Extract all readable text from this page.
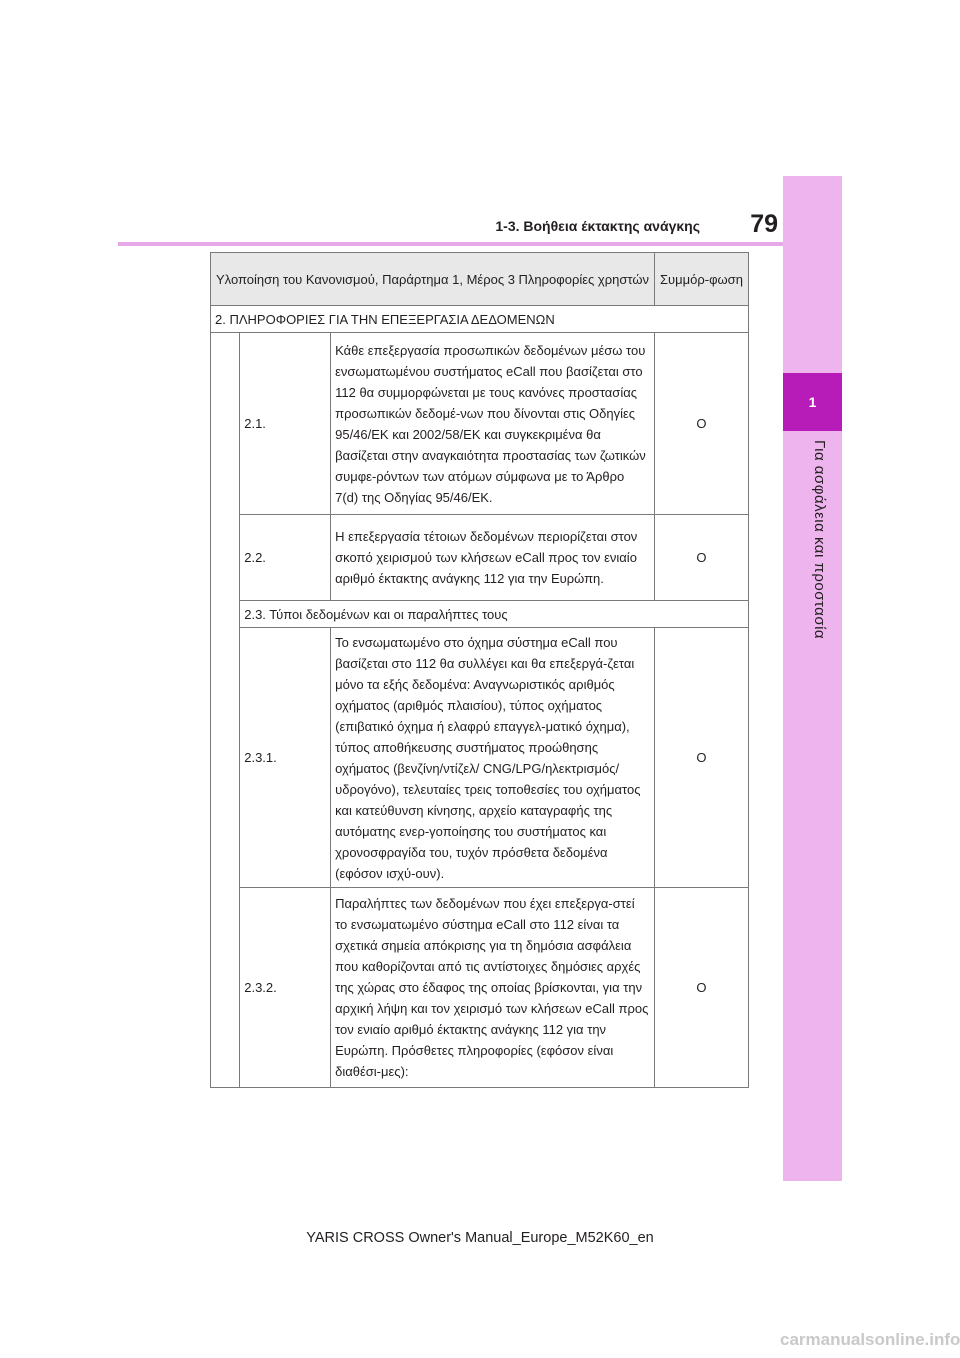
1-3. Βοήθεια έκτακτης ανάγκης	79
1
Για ασφάλεια και προστασία
Υλοποίηση του Κανονισμού, Παράρτημα 1, Μέρος 3 Πληροφορίες χρηστών			Συμμόρ-φωση
2. ΠΛΗΡΟΦΟΡΙΕΣ ΓΙΑ ΤΗΝ ΕΠΕΞΕΡΓΑΣΙΑ ΔΕΔΟΜΕΝΩΝ			
	2.1.	Κάθε επεξεργασία προσωπικών δεδομένων μέσω του ενσωματωμένου συστήματος eCall που βασίζεται στο 112 θα συμμορφώνεται με τους κανόνες προστασίας προσωπικών δεδομέ-νων που δίνονται στις Οδηγίες 95/46/ΕΚ και 2002/58/ΕΚ και συγκεκριμένα θα βασίζεται στην αναγκαιότητα προστασίας των ζωτικών συμφε-ρόντων των ατόμων σύμφωνα με το Άρθρο 7(d) της Οδηγίας 95/46/ΕΚ.	O
	2.2.	Η επεξεργασία τέτοιων δεδομένων περιορίζεται στον σκοπό χειρισμού των κλήσεων eCall προς τον ενιαίο αριθμό έκτακτης ανάγκης 112 για την Ευρώπη.	O
	2.3. Τύποι δεδομένων και οι παραλήπτες τους		
	2.3.1.	Το ενσωματωμένο στο όχημα σύστημα eCall που βασίζεται στο 112 θα συλλέγει και θα επεξεργά-ζεται μόνο τα εξής δεδομένα: Αναγνωριστικός αριθμός οχήματος (αριθμός πλαισίου), τύπος οχήματος (επιβατικό όχημα ή ελαφρύ επαγγελ-ματικό όχημα), τύπος αποθήκευσης συστήματος προώθησης οχήματος (βενζίνη/ντίζελ/ CNG/LPG/ηλεκτρισμός/υδρογόνο), τελευταίες τρεις τοποθεσίες του οχήματος και κατεύθυνση κίνησης, αρχείο καταγραφής της αυτόματης ενερ-γοποίησης του συστήματος και χρονοσφραγίδα του, τυχόν πρόσθετα δεδομένα (εφόσον ισχύ-ουν).	O
	2.3.2.	Παραλήπτες των δεδομένων που έχει επεξεργα-στεί το ενσωματωμένο σύστημα eCall στο 112 είναι τα σχετικά σημεία απόκρισης για τη δημόσια ασφάλεια που καθορίζονται από τις αντίστοιχες δημόσιες αρχές της χώρας στο έδαφος της οποίας βρίσκονται, για την αρχική λήψη και τον χειρισμό των κλήσεων eCall προς τον ενιαίο αριθμό έκτακτης ανάγκης 112 για την Ευρώπη. Πρόσθετες πληροφορίες (εφόσον είναι διαθέσι-μες):	O
YARIS CROSS Owner's Manual_Europe_M52K60_en
carmanualsonline.info
